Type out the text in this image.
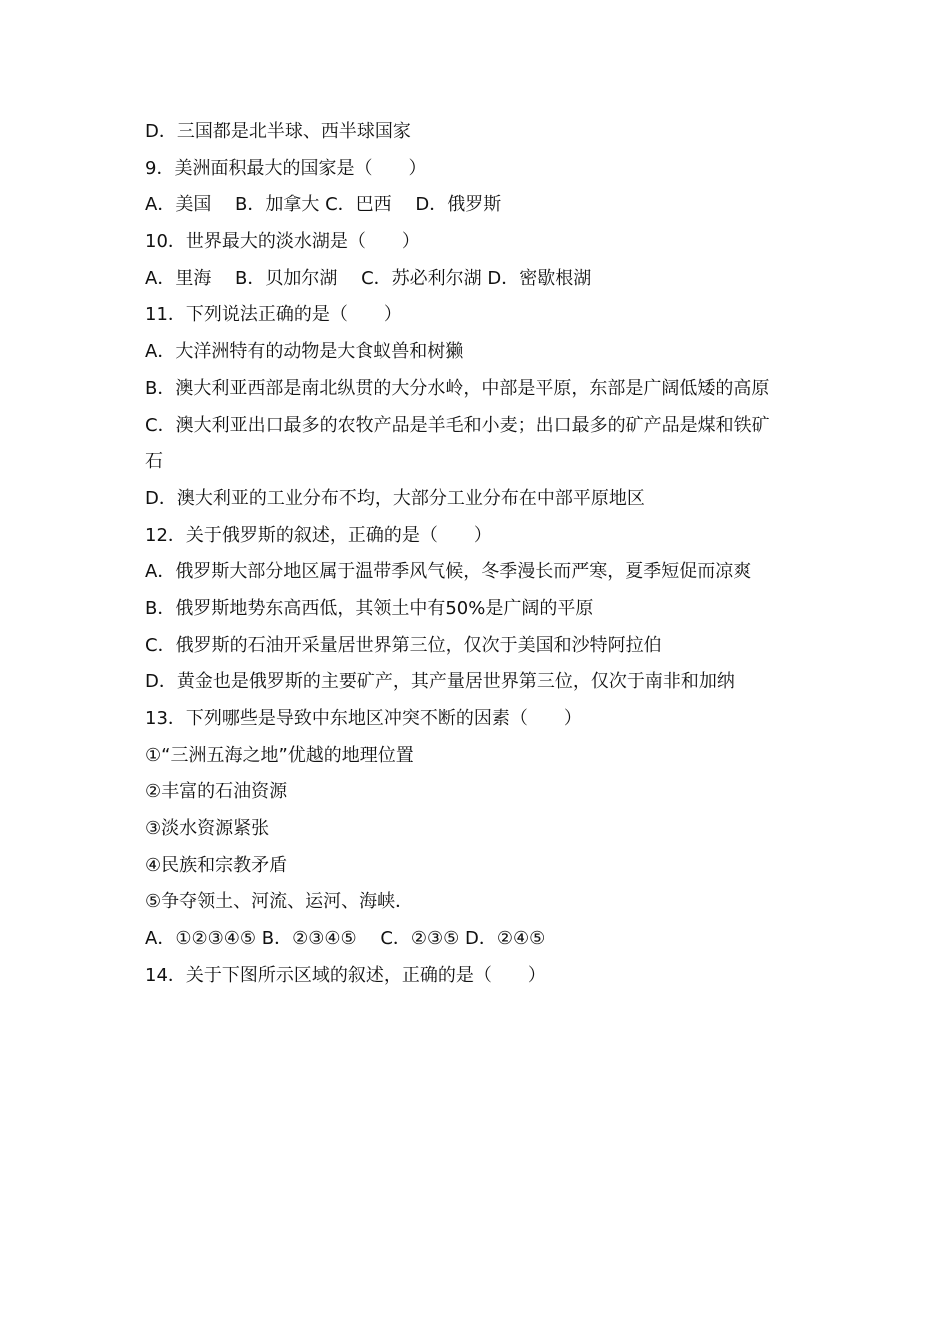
D．三国都是北半球、西半球国家
9．美洲面积最大的国家是（　　）
A．美国　 B．加拿大 C．巴西　 D．俄罗斯
10．世界最大的淡水湖是（　　）
A．里海　 B．贝加尔湖　 C．苏必利尔湖 D．密歇根湖
11．下列说法正确的是（　　）
A．大洋洲特有的动物是大食蚁兽和树獭
B．澳大利亚西部是南北纵贯的大分水岭，中部是平原，东部是广阔低矮的高原
C．澳大利亚出口最多的农牧产品是羊毛和小麦；出口最多的矿产品是煤和铁矿
石
D．澳大利亚的工业分布不均，大部分工业分布在中部平原地区
12．关于俄罗斯的叙述，正确的是（　　）
A．俄罗斯大部分地区属于温带季风气候，冬季漫长而严寒，夏季短促而凉爽
B．俄罗斯地势东高西低，其领土中有50%是广阔的平原
C．俄罗斯的石油开采量居世界第三位，仅次于美国和沙特阿拉伯
D．黄金也是俄罗斯的主要矿产，其产量居世界第三位，仅次于南非和加纳
13．下列哪些是导致中东地区冲突不断的因素（　　）
①“三洲五海之地”优越的地理位置
②丰富的石油资源
③淡水资源紧张
④民族和宗教矛盾
⑤争夺领土、河流、运河、海峡．
A．①②③④⑤ B．②③④⑤　 C．②③⑤ D．②④⑤
14．关于下图所示区域的叙述，正确的是（　　）
